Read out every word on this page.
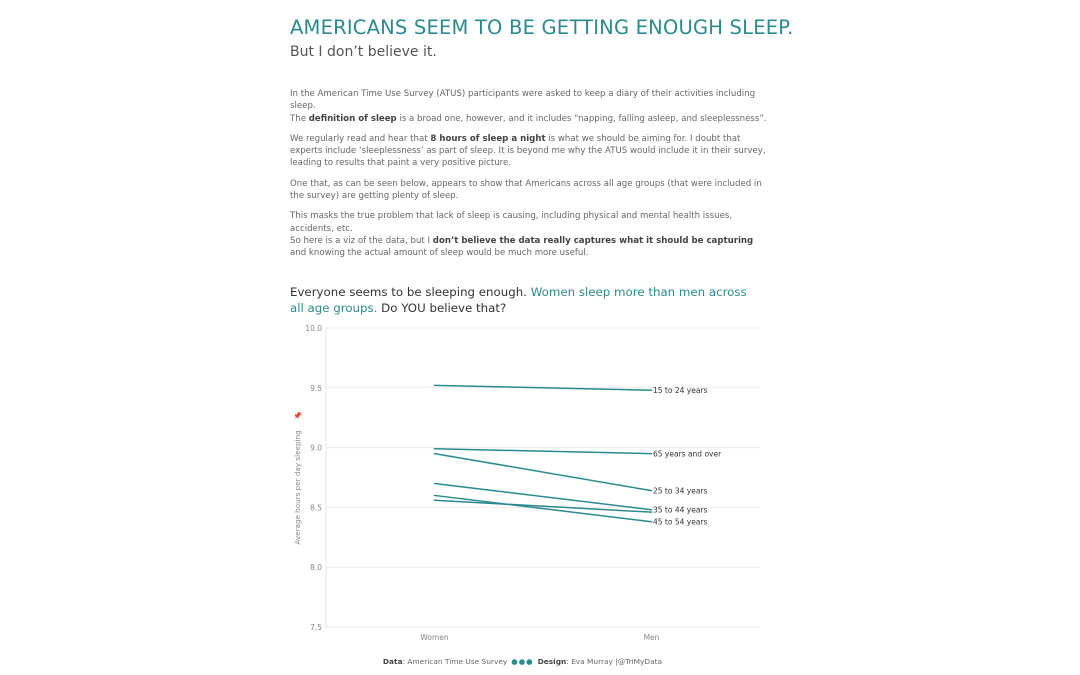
AMERICANS SEEM TO BE GETTING ENOUGH SLEEP.
But I don’t believe it.

In the American Time Use Survey (ATUS) participants were asked to keep a diary of their activities including sleep.
The definition of sleep is a broad one, however, and it includes “napping, falling asleep, and sleeplessness”.

We regularly read and hear that 8 hours of sleep a night is what we should be aiming for. I doubt that experts include ‘sleeplessness’ as part of sleep. It is beyond me why the ATUS would include it in their survey, leading to results that paint a very positive picture.

One that, as can be seen below, appears to show that Americans across all age groups (that were included in the survey) are getting plenty of sleep.

This masks the true problem that lack of sleep is causing, including physical and mental health issues, accidents, etc.
So here is a viz of the data, but I don’t believe the data really captures what it should be capturing and knowing the actual amount of sleep would be much more useful.

Everyone seems to be sleeping enough. Women sleep more than men across all age groups. Do YOU believe that?
7.5
8.0
8.5
9.0
9.5
10.0
Average hours per day sleeping
📌
15 to 24 years
65 years and over
25 to 34 years
35 to 44 years
45 to 54 years
Women	Men
Data: American Time Use Survey ●●● Design: Eva Murray |@TriMyData
